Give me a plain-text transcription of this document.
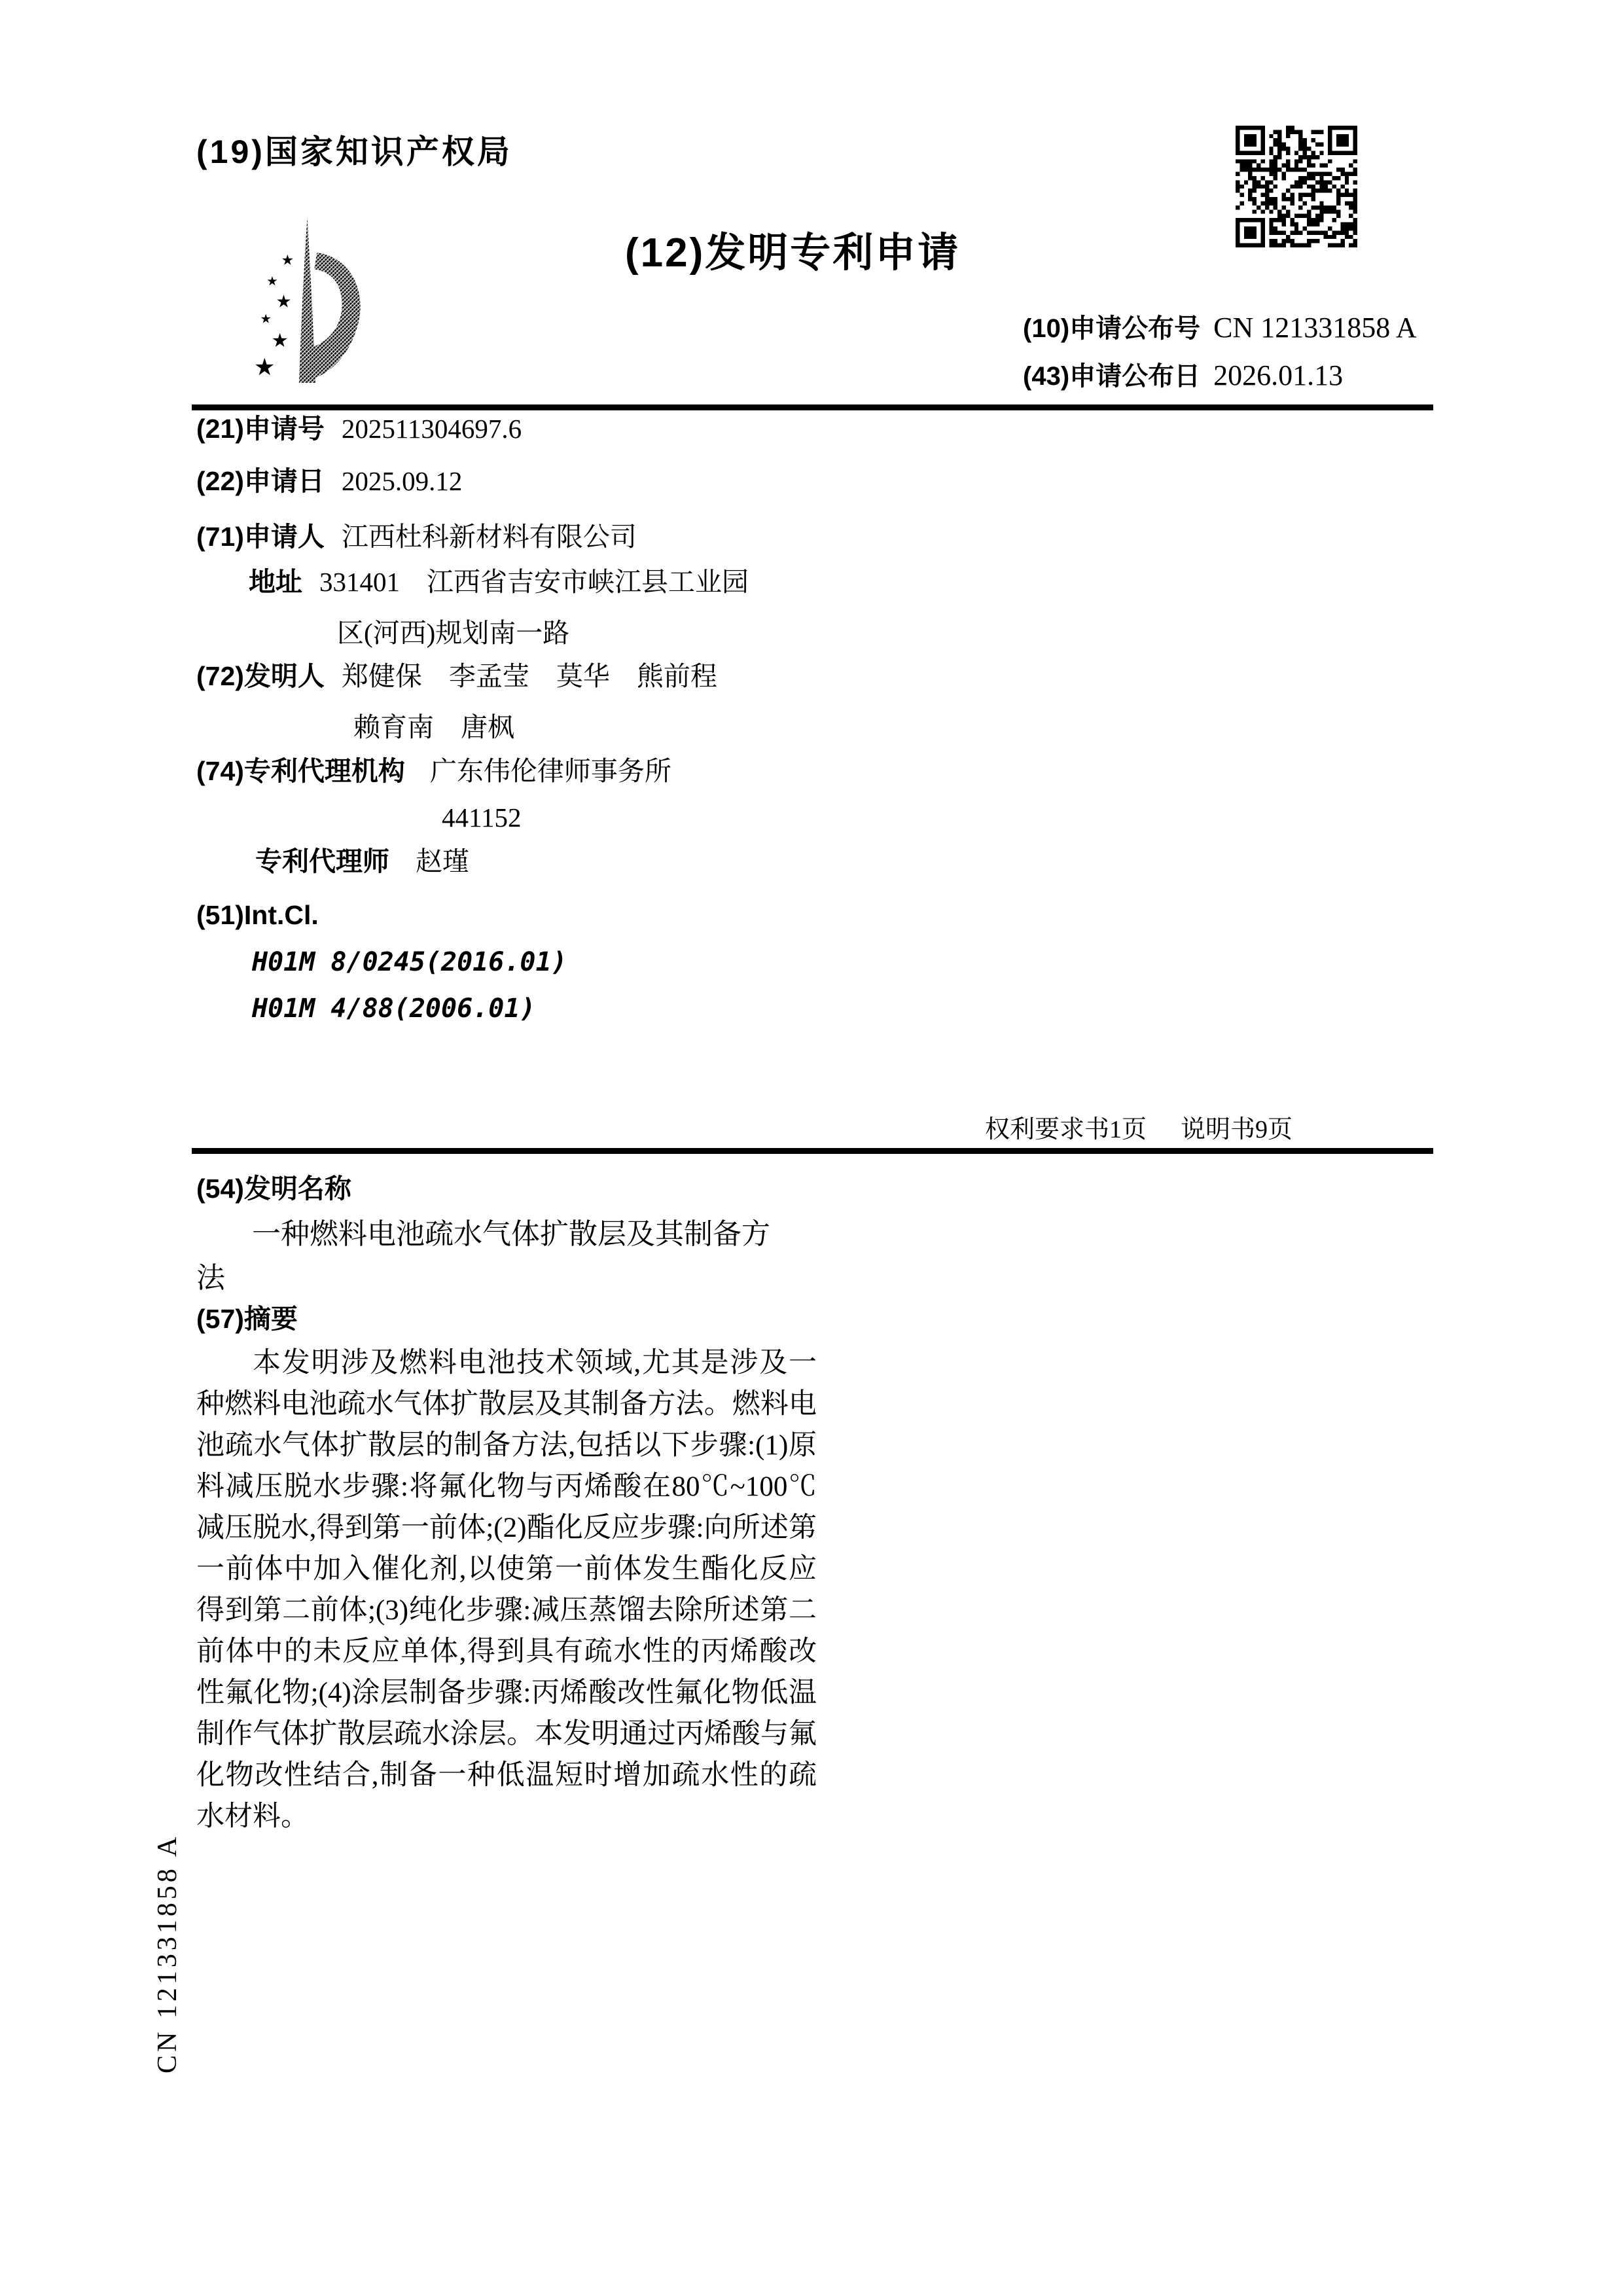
(19)国家知识产权局
(12)发明专利申请
(10)申请公布号 CN 121331858 A
(43)申请公布日 2026.01.13
(21)申请号 202511304697.6
(22)申请日 2025.09.12
(71)申请人 江西杜科新材料有限公司
地址 331401　江西省吉安市峡江县工业园
区(河西)规划南一路
(72)发明人 郑健保　李孟莹　莫华　熊前程
赖育南　唐枫
(74)专利代理机构 广东伟伦律师事务所
441152
专利代理师 赵瑾
(51)Int.Cl.
H01M 8/0245(2016.01)
H01M 4/88(2006.01)
权利要求书1页 说明书9页
(54)发明名称
一种燃料电池疏水气体扩散层及其制备方
法
(57)摘要
本发明涉及燃料电池技术领域,尤其是涉及一种燃料电池疏水气体扩散层及其制备方法。燃料电池疏水气体扩散层的制备方法,包括以下步骤:(1)原料减压脱水步骤:将氟化物与丙烯酸在80℃~100℃减压脱水,得到第一前体;(2)酯化反应步骤:向所述第一前体中加入催化剂,以使第一前体发生酯化反应得到第二前体;(3)纯化步骤:减压蒸馏去除所述第二前体中的未反应单体,得到具有疏水性的丙烯酸改性氟化物;(4)涂层制备步骤:丙烯酸改性氟化物低温制作气体扩散层疏水涂层。本发明通过丙烯酸与氟化物改性结合,制备一种低温短时增加疏水性的疏水材料。
CN 121331858 A
